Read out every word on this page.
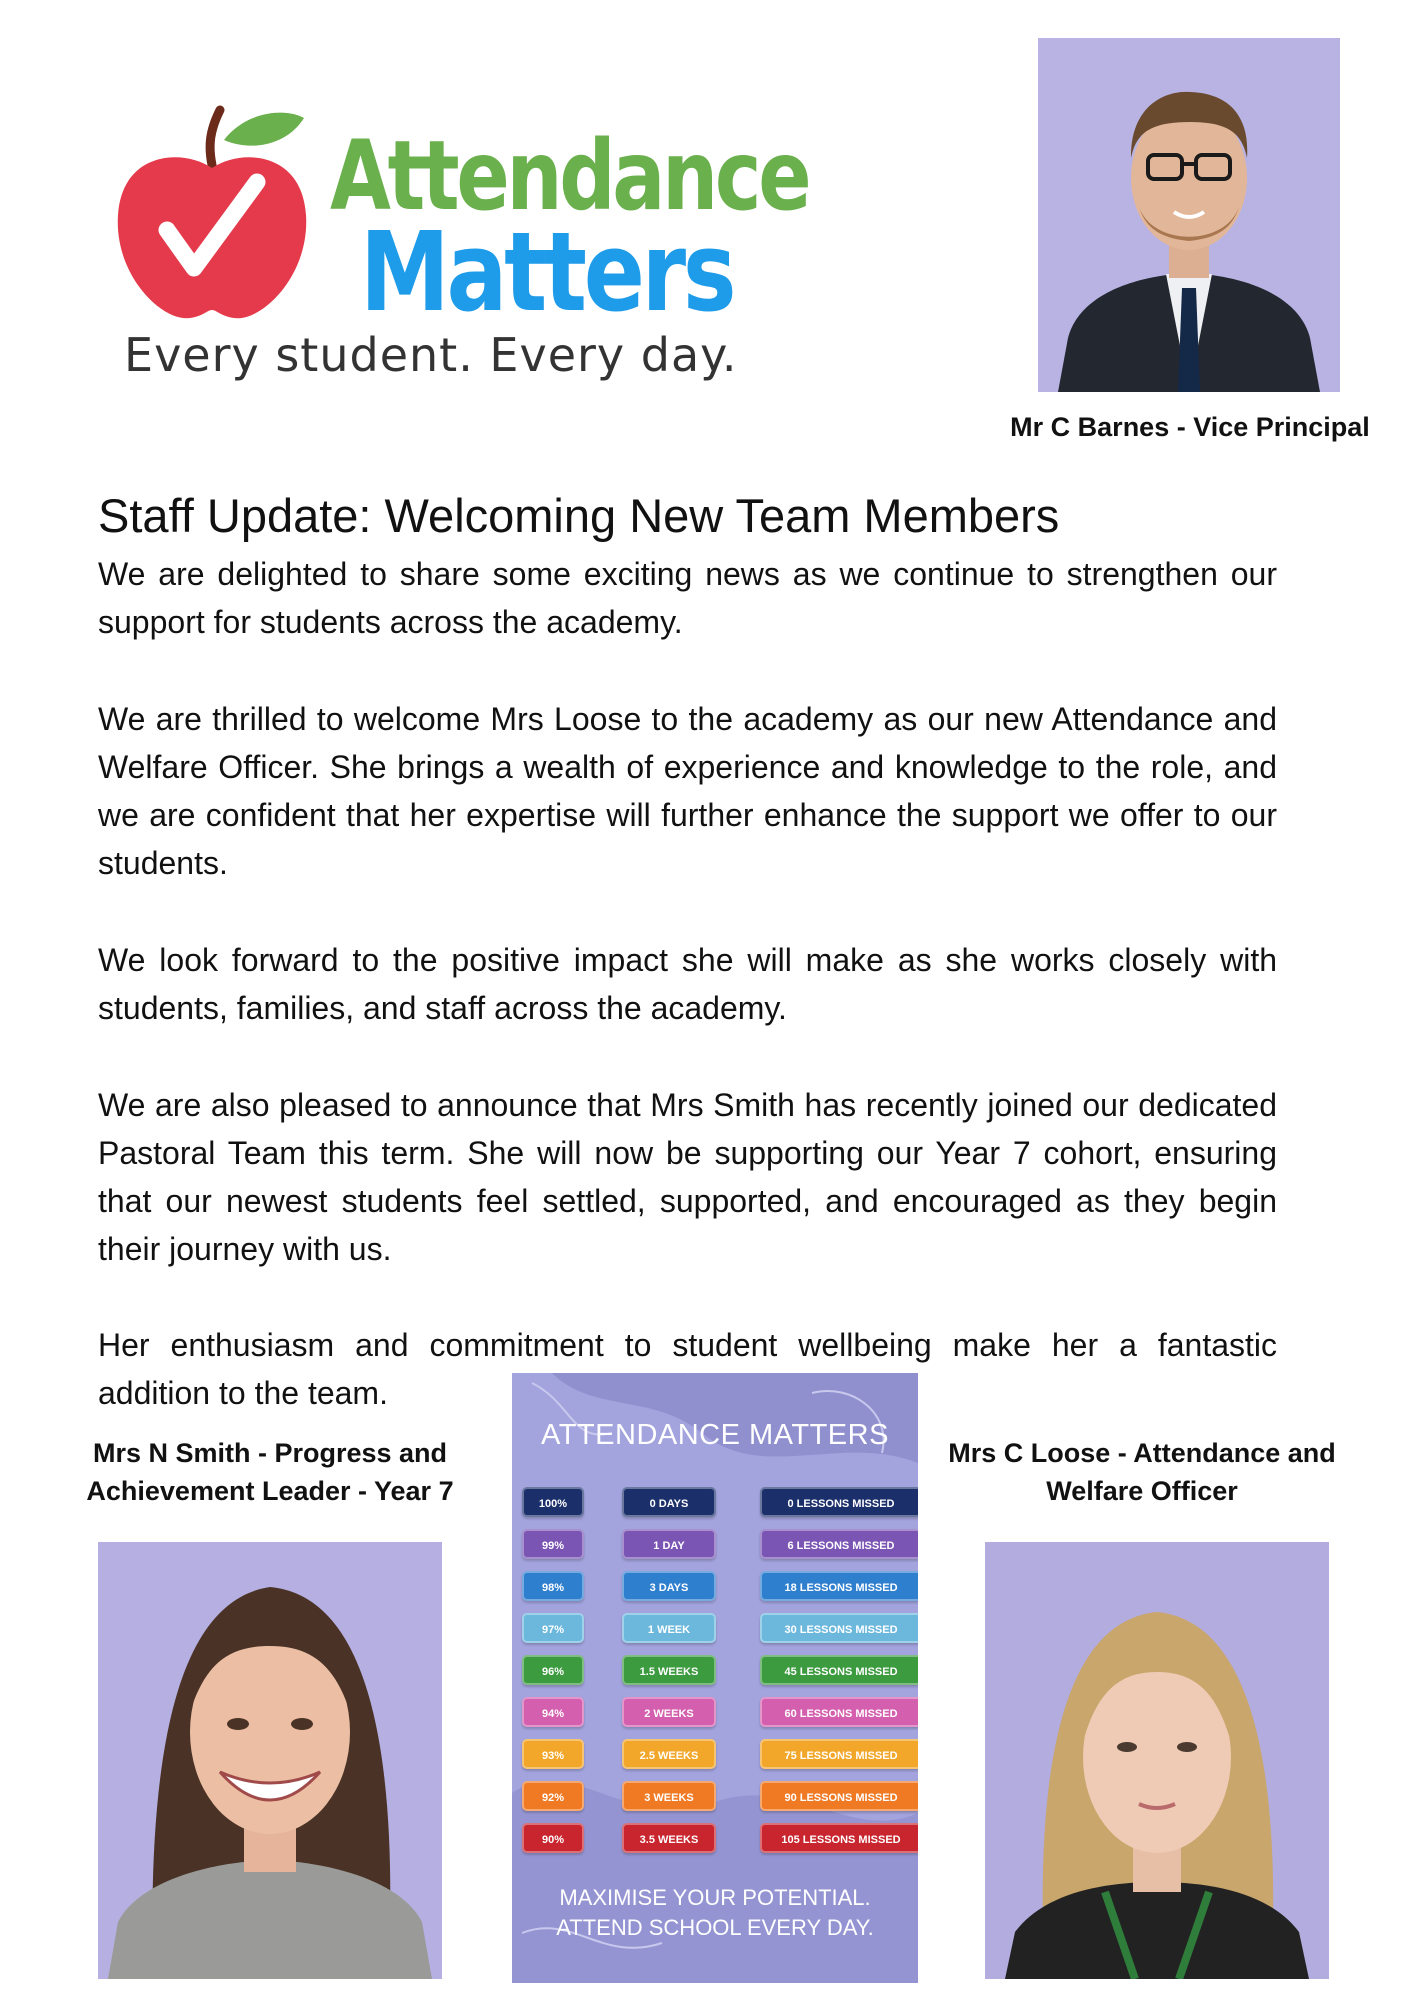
Attendance
Matters
Every student. Every day.
Mr C Barnes - Vice Principal
Staff Update: Welcoming New Team Members

We are delighted to share some exciting news as we continue to strengthen our support for students across the academy.

We are thrilled to welcome Mrs Loose to the academy as our new Attendance and Welfare Officer. She brings a wealth of experience and knowledge to the role, and we are confident that her expertise will further enhance the support we offer to our students.

We look forward to the positive impact she will make as she works closely with students, families, and staff across the academy.

We are also pleased to announce that Mrs Smith has recently joined our dedicated Pastoral Team this term. She will now be supporting our Year 7 cohort, ensuring that our newest students feel settled, supported, and encouraged as they begin their journey with us.

Her enthusiasm and commitment to student wellbeing make her a fantastic addition to the team.

Mrs N Smith - Progress and
Achievement Leader - Year 7
ATTENDANCE MATTERS
100%	0 DAYS	0 LESSONS MISSED
99%	1 DAY	6 LESSONS MISSED
98%	3 DAYS	18 LESSONS MISSED
97%	1 WEEK	30 LESSONS MISSED
96%	1.5 WEEKS	45 LESSONS MISSED
94%	2 WEEKS	60 LESSONS MISSED
93%	2.5 WEEKS	75 LESSONS MISSED
92%	3 WEEKS	90 LESSONS MISSED
90%	3.5 WEEKS	105 LESSONS MISSED
MAXIMISE YOUR POTENTIAL.
ATTEND SCHOOL EVERY DAY.
Mrs C Loose - Attendance and
Welfare Officer
